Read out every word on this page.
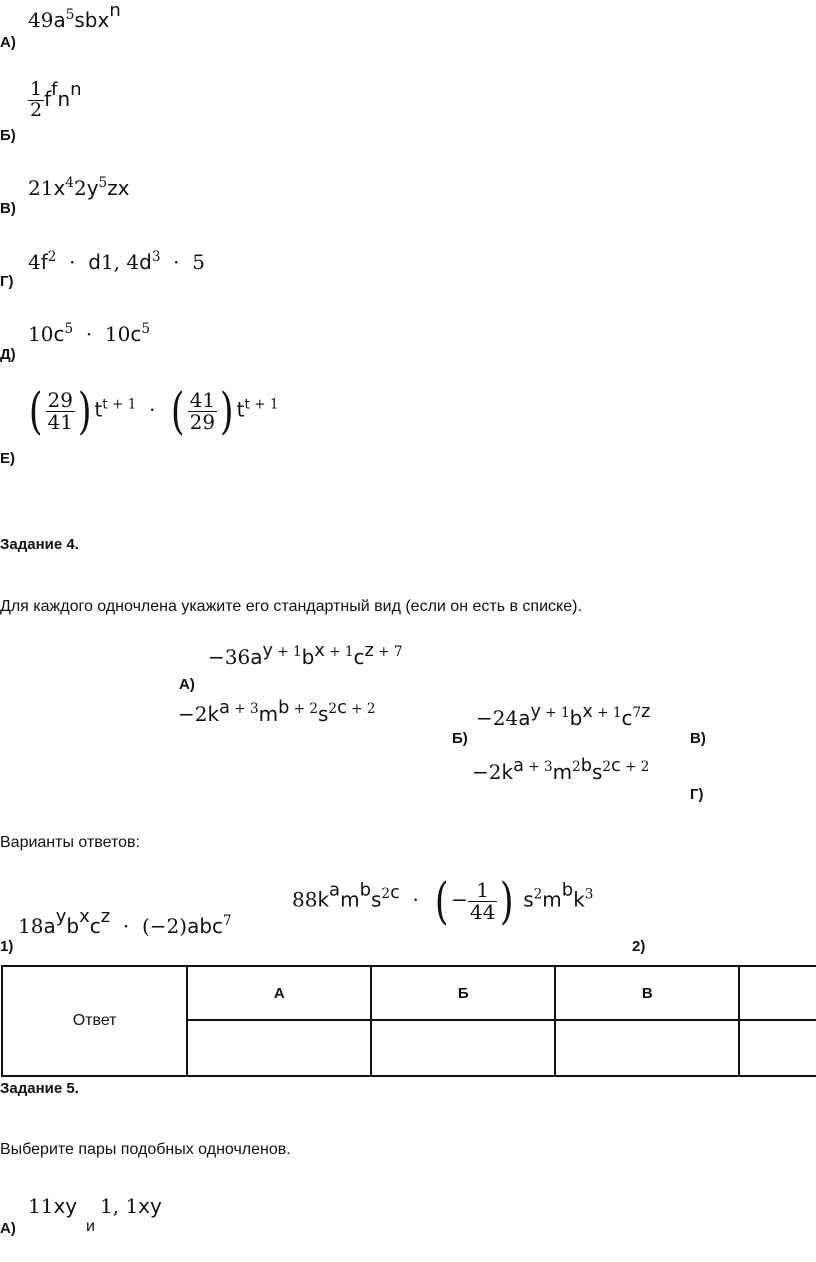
$49a^5sbx^n$
А)
$\frac{1}{2} f^fn^n$
Б)
$21x^42y^5zx$
В)
$4f^2 \cdot d1$, $4d^3 \cdot 5$
Г)
$10c^5 \cdot 10c^5$
Д)
( $\frac{29}{41}$ ) $t^{t + 1}$  ·  ( $\frac{41}{29}$ ) $t^{t + 1}$
Е)
Задание 4.
Для каждого одночлена укажите его стандартный вид (если он есть в списке).
$-36a^{y + 1}b^{x + 1}c^{z + 7}$
А)
$-2k^{a + 3}m^{b + 2}s^{2c + 2}$	$-24a^{y + 1}b^{x + 1}c^{7z}$
Б)	В)
$-2k^{a + 3}m^{2b}s^{2c + 2}$
Г)
Варианты ответов:
$18a^yb^xc^z \cdot (-2)abc^7$
1)
$88k^am^bs^{2c}$  ·  ( − $\frac{1}{44}$ ) $s^2m^bk^3$
2)
Ответ	А	Б	В	

Задание 5.
Выберите пары подобных одночленов.
11xy
и
1, 1xy
А)
